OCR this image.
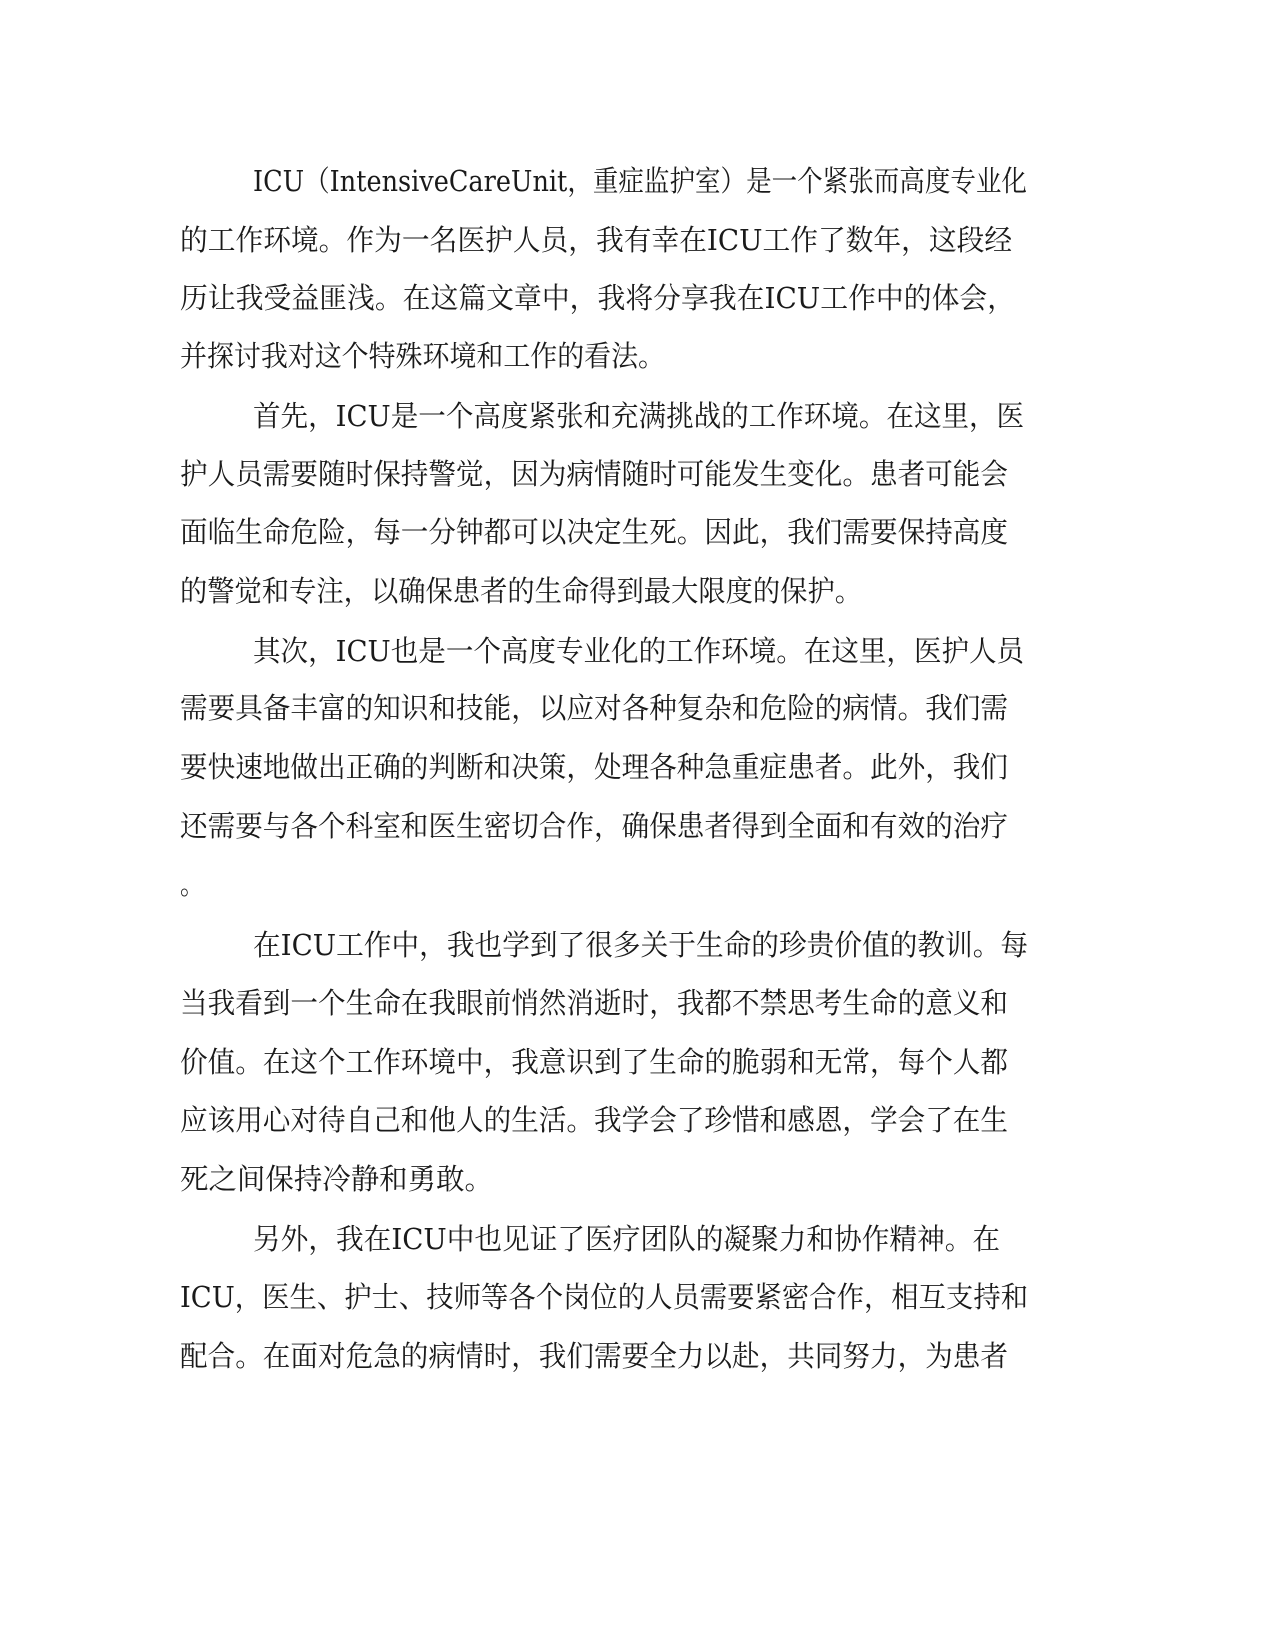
ICU（IntensiveCareUnit，重症监护室）是一个紧张而高度专业化

的工作环境。作为一名医护人员，我有幸在ICU工作了数年，这段经

历让我受益匪浅。在这篇文章中，我将分享我在ICU工作中的体会，

并探讨我对这个特殊环境和工作的看法。

首先，ICU是一个高度紧张和充满挑战的工作环境。在这里，医

护人员需要随时保持警觉，因为病情随时可能发生变化。患者可能会

面临生命危险，每一分钟都可以决定生死。因此，我们需要保持高度

的警觉和专注，以确保患者的生命得到最大限度的保护。

其次，ICU也是一个高度专业化的工作环境。在这里，医护人员

需要具备丰富的知识和技能，以应对各种复杂和危险的病情。我们需

要快速地做出正确的判断和决策，处理各种急重症患者。此外，我们

还需要与各个科室和医生密切合作，确保患者得到全面和有效的治疗

。

在ICU工作中，我也学到了很多关于生命的珍贵价值的教训。每

当我看到一个生命在我眼前悄然消逝时，我都不禁思考生命的意义和

价值。在这个工作环境中，我意识到了生命的脆弱和无常，每个人都

应该用心对待自己和他人的生活。我学会了珍惜和感恩，学会了在生

死之间保持冷静和勇敢。

另外，我在ICU中也见证了医疗团队的凝聚力和协作精神。在

ICU，医生、护士、技师等各个岗位的人员需要紧密合作，相互支持和

配合。在面对危急的病情时，我们需要全力以赴，共同努力，为患者
